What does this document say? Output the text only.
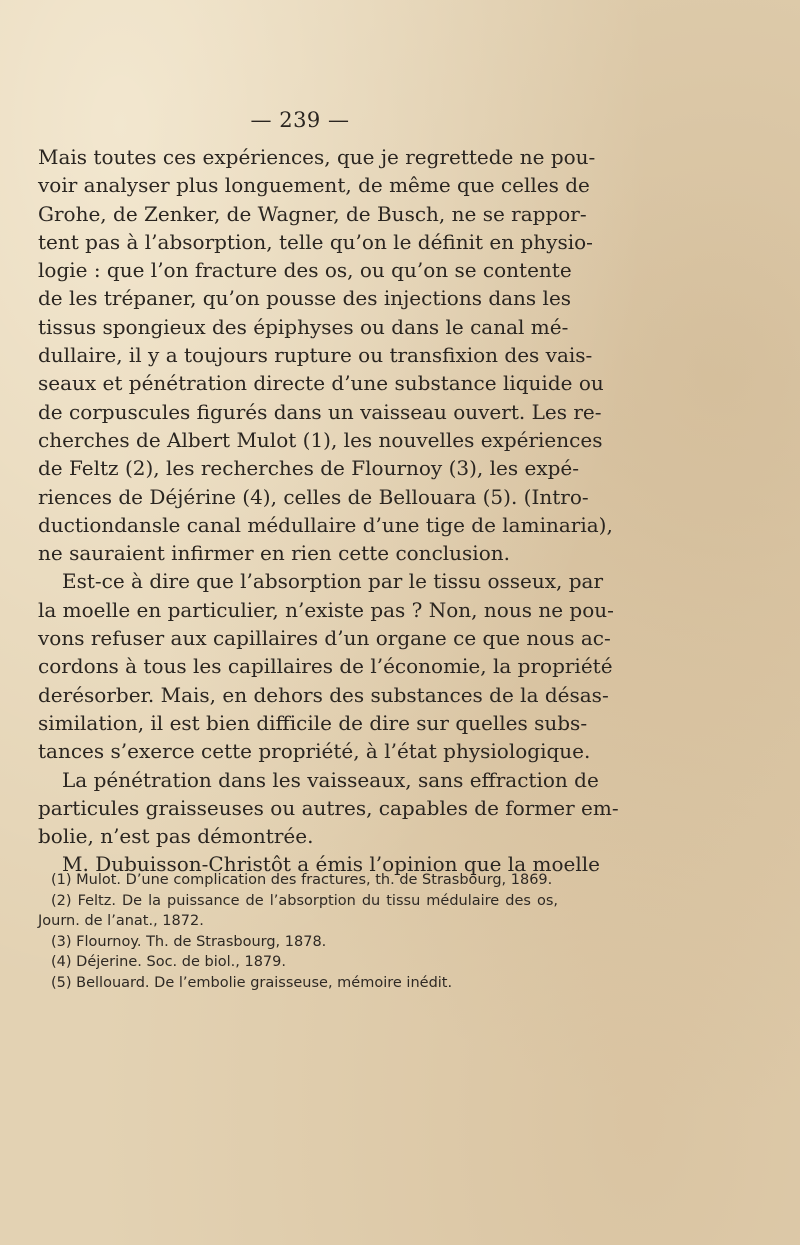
— 239 —
Mais toutes ces expériences, que je regrettede ne pou-
voir analyser plus longuement, de même que celles de
Grohe, de Zenker, de Wagner, de Busch, ne se rappor-
tent pas à l’absorption, telle qu’on le définit en physio-
logie : que l’on fracture des os, ou qu’on se contente
de les trépaner, qu’on pousse des injections dans les
tissus spongieux des épiphyses ou dans le canal mé-
dullaire, il y a toujours rupture ou transfixion des vais-
seaux et pénétration directe d’une substance liquide ou
de corpuscules figurés dans un vaisseau ouvert. Les re-
cherches de Albert Mulot (1), les nouvelles expériences
de Feltz (2), les recherches de Flournoy (3), les expé-
riences de Déjérine (4), celles de Bellouara (5). (Intro-
ductiondansle canal médullaire d’une tige de laminaria),
ne sauraient infirmer en rien cette conclusion.
Est-ce à dire que l’absorption par le tissu osseux, par
la moelle en particulier, n’existe pas ? Non, nous ne pou-
vons refuser aux capillaires d’un organe ce que nous ac-
cordons à tous les capillaires de l’économie, la propriété
derésorber. Mais, en dehors des substances de la désas-
similation, il est bien difficile de dire sur quelles subs-
tances s’exerce cette propriété, à l’état physiologique.
La pénétration dans les vaisseaux, sans effraction de
particules graisseuses ou autres, capables de former em-
bolie, n’est pas démontrée.
M. Dubuisson-Christôt a émis l’opinion que la moelle
(1) Mulot. D’une complication des fractures, th. de Strasbourg, 1869.
(2) Feltz. De la puissance de l’absorption du tissu médulaire des os,
Journ. de l’anat., 1872.
(3) Flournoy. Th. de Strasbourg, 1878.
(4) Déjerine. Soc. de biol., 1879.
(5) Bellouard. De l’embolie graisseuse, mémoire inédit.
